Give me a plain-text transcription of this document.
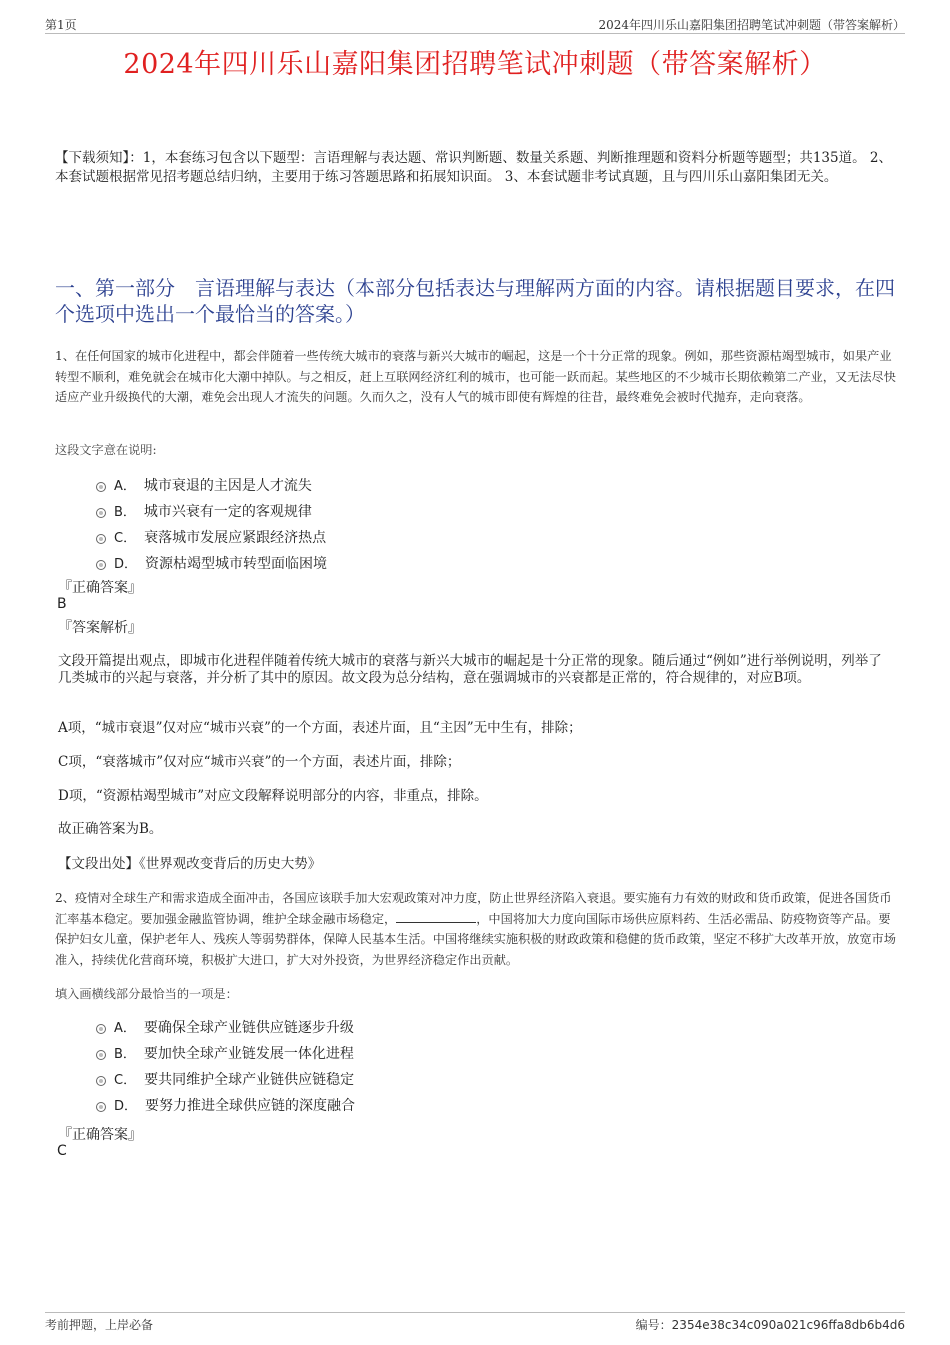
第1页	2024年四川乐山嘉阳集团招聘笔试冲刺题（带答案解析）
2024年四川乐山嘉阳集团招聘笔试冲刺题（带答案解析）
【下载须知】：1，本套练习包含以下题型：言语理解与表达题、常识判断题、数量关系题、判断推理题和资料分析题等题型；共135道。 2、本套试题根据常见招考题总结归纳，主要用于练习答题思路和拓展知识面。 3、本套试题非考试真题，且与四川乐山嘉阳集团无关。
一、第一部分　言语理解与表达（本部分包括表达与理解两方面的内容。请根据题目要求，在四个选项中选出一个最恰当的答案。）
1、在任何国家的城市化进程中，都会伴随着一些传统大城市的衰落与新兴大城市的崛起，这是一个十分正常的现象。例如，那些资源枯竭型城市，如果产业转型不顺利，难免就会在城市化大潮中掉队。与之相反，赶上互联网经济红利的城市，也可能一跃而起。某些地区的不少城市长期依赖第二产业，又无法尽快适应产业升级换代的大潮，难免会出现人才流失的问题。久而久之，没有人气的城市即使有辉煌的往昔，最终难免会被时代抛弃，走向衰落。
这段文字意在说明:
A． 城市衰退的主因是人才流失
B． 城市兴衰有一定的客观规律
C． 衰落城市发展应紧跟经济热点
D． 资源枯竭型城市转型面临困境
『正确答案』
B
『答案解析』
文段开篇提出观点，即城市化进程伴随着传统大城市的衰落与新兴大城市的崛起是十分正常的现象。随后通过“例如”进行举例说明，列举了几类城市的兴起与衰落，并分析了其中的原因。故文段为总分结构，意在强调城市的兴衰都是正常的，符合规律的，对应B项。
A项，“城市衰退”仅对应“城市兴衰”的一个方面，表述片面，且“主因”无中生有，排除；
C项，“衰落城市”仅对应“城市兴衰”的一个方面，表述片面，排除；
D项，“资源枯竭型城市”对应文段解释说明部分的内容，非重点，排除。
故正确答案为B。
【文段出处】《世界观改变背后的历史大势》
2、疫情对全球生产和需求造成全面冲击，各国应该联手加大宏观政策对冲力度，防止世界经济陷入衰退。要实施有力有效的财政和货币政策，促进各国货币汇率基本稳定。要加强金融监管协调，维护全球金融市场稳定，	，中国将加大力度向国际市场供应原料药、生活必需品、防疫物资等产品。要保护妇女儿童，保护老年人、残疾人等弱势群体，保障人民基本生活。中国将继续实施积极的财政政策和稳健的货币政策，坚定不移扩大改革开放，放宽市场准入，持续优化营商环境，积极扩大进口，扩大对外投资，为世界经济稳定作出贡献。
填入画横线部分最恰当的一项是：
A． 要确保全球产业链供应链逐步升级
B． 要加快全球产业链发展一体化进程
C． 要共同维护全球产业链供应链稳定
D． 要努力推进全球供应链的深度融合
『正确答案』
C
考前押题，上岸必备	编号：2354e38c34c090a021c96ffa8db6b4d6
